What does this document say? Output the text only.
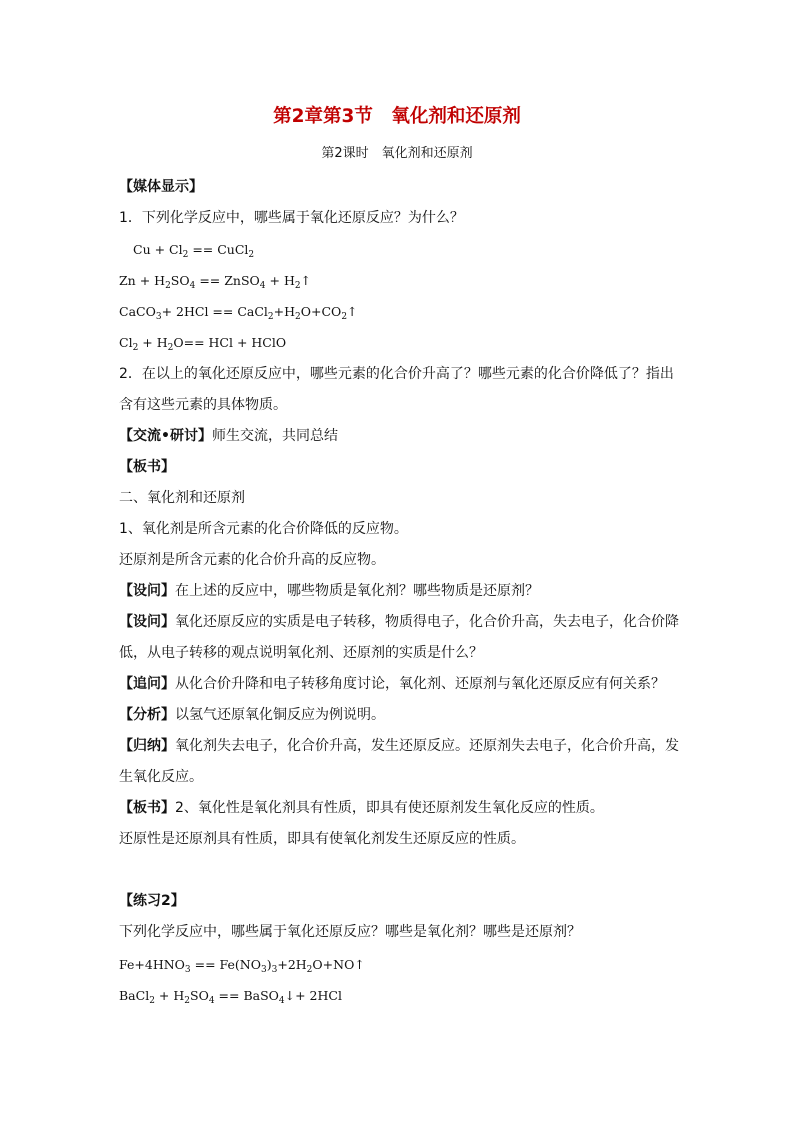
第2章第3节　氧化剂和还原剂

第2课时　氧化剂和还原剂

【媒体显示】

1．下列化学反应中，哪些属于氧化还原反应？为什么？

$Cu + Cl_2$ == CuCl$_2$

$Zn + H_2SO_4$ == ZnSO$_4$ + $H_2↑$

CaCO$_3$+ $2HCl == CaCl_2+H_2O+CO_2↑$

$Cl_2 + H_2O==$ HCl + HClO

2．在以上的氧化还原反应中，哪些元素的化合价升高了？哪些元素的化合价降低了？指出

含有这些元素的具体物质。

【交流•研讨】师生交流，共同总结

【板书】

二、氧化剂和还原剂

1、氧化剂是所含元素的化合价降低的反应物。

还原剂是所含元素的化合价升高的反应物。

【设问】在上述的反应中，哪些物质是氧化剂？哪些物质是还原剂？

【设问】氧化还原反应的实质是电子转移，物质得电子，化合价升高，失去电子，化合价降

低，从电子转移的观点说明氧化剂、还原剂的实质是什么？

【追问】从化合价升降和电子转移角度讨论，氧化剂、还原剂与氧化还原反应有何关系？

【分析】以氢气还原氧化铜反应为例说明。

【归纳】氧化剂失去电子，化合价升高，发生还原反应。还原剂失去电子，化合价升高，发

生氧化反应。

【板书】2、氧化性是氧化剂具有性质，即具有使还原剂发生氧化反应的性质。

还原性是还原剂具有性质，即具有使氧化剂发生还原反应的性质。

【练习2】

下列化学反应中，哪些属于氧化还原反应？哪些是氧化剂？哪些是还原剂？

$Fe+4HNO_3$ == $Fe(NO_3)_3+2H_2O+NO↑$

BaCl$_2$ + $H_2SO_4$ == BaSO$_4$↓+ 2HCl
